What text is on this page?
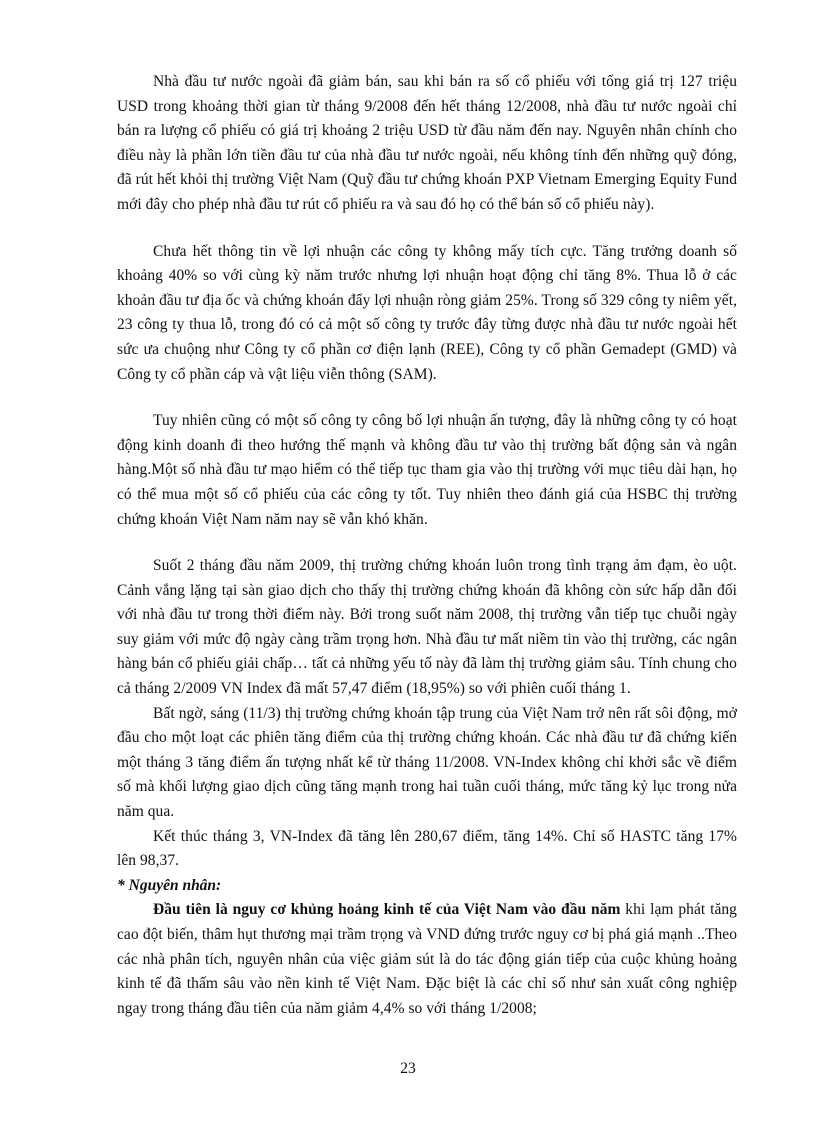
Nhà đầu tư nước ngoài đã giảm bán, sau khi bán ra số cổ phiếu với tổng giá trị 127 triệu USD trong khoảng thời gian từ tháng 9/2008 đến hết tháng 12/2008, nhà đầu tư nước ngoài chỉ bán ra lượng cổ phiếu có giá trị khoảng 2 triệu USD từ đầu năm đến nay. Nguyên nhân chính cho điều này là phần lớn tiền đầu tư của nhà đầu tư nước ngoài, nếu không tính đến những quỹ đóng, đã rút hết khỏi thị trường Việt Nam (Quỹ đầu tư chứng khoán PXP Vietnam Emerging Equity Fund mới đây cho phép nhà đầu tư rút cổ phiếu ra và sau đó họ có thể bán số cổ phiếu này).

Chưa hết thông tin về lợi nhuận các công ty không mấy tích cực. Tăng trưởng doanh số khoảng 40% so với cùng kỳ năm trước nhưng lợi nhuận hoạt động chỉ tăng 8%. Thua lỗ ở các khoản đầu tư địa ốc và chứng khoán đẩy lợi nhuận ròng giảm 25%. Trong số 329 công ty niêm yết, 23 công ty thua lỗ, trong đó có cả một số công ty trước đây từng được nhà đầu tư nước ngoài hết sức ưa chuộng như Công ty cổ phần cơ điện lạnh (REE), Công ty cổ phần Gemadept (GMD) và Công ty cổ phần cáp và vật liệu viễn thông (SAM).

Tuy nhiên cũng có một số công ty công bố lợi nhuận ấn tượng, đây là những công ty có hoạt động kinh doanh đi theo hướng thế mạnh và không đầu tư vào thị trường bất động sản và ngân hàng.Một số nhà đầu tư mạo hiểm có thể tiếp tục tham gia vào thị trường với mục tiêu dài hạn, họ có thể mua một số cổ phiếu của các công ty tốt. Tuy nhiên theo đánh giá của HSBC thị trường chứng khoán Việt Nam năm nay sẽ vẫn khó khăn.

Suốt 2 tháng đầu năm 2009, thị trường chứng khoán luôn trong tình trạng ảm đạm, èo uột. Cảnh vắng lặng tại sàn giao dịch cho thấy thị trường chứng khoán đã không còn sức hấp dẫn đối với nhà đầu tư trong thời điểm này. Bởi trong suốt năm 2008, thị trường vẫn tiếp tục chuỗi ngày suy giảm với mức độ ngày càng trầm trọng hơn. Nhà đầu tư mất niềm tin vào thị trường, các ngân hàng bán cổ phiếu giải chấp… tất cả những yếu tố này đã làm thị trường giảm sâu. Tính chung cho cả tháng 2/2009 VN Index đã mất 57,47 điểm (18,95%) so với phiên cuối tháng 1.

Bất ngờ, sáng (11/3) thị trường chứng khoán tập trung của Việt Nam trở nên rất sôi động, mở đầu cho một loạt các phiên tăng điểm của thị trường chứng khoán. Các nhà đầu tư đã chứng kiến một tháng 3 tăng điểm ấn tượng nhất kể từ tháng 11/2008. VN-Index không chỉ khởi sắc về điểm số mà khối lượng giao dịch cũng tăng mạnh trong hai tuần cuối tháng, mức tăng kỷ lục trong nửa năm qua.

Kết thúc tháng 3, VN-Index đã tăng lên 280,67 điểm, tăng 14%. Chỉ số HASTC tăng 17% lên 98,37.

* Nguyên nhân:

Đầu tiên là nguy cơ khủng hoảng kinh tế của Việt Nam vào đầu năm khi lạm phát tăng cao đột biến, thâm hụt thương mại trầm trọng và VND đứng trước nguy cơ bị phá giá mạnh ..Theo các nhà phân tích, nguyên nhân của việc giảm sút là do tác động gián tiếp của cuộc khủng hoảng kinh tế đã thấm sâu vào nền kinh tế Việt Nam. Đặc biệt là các chỉ số như sản xuất công nghiệp ngay trong tháng đầu tiên của năm giảm 4,4% so với tháng 1/2008;

23
